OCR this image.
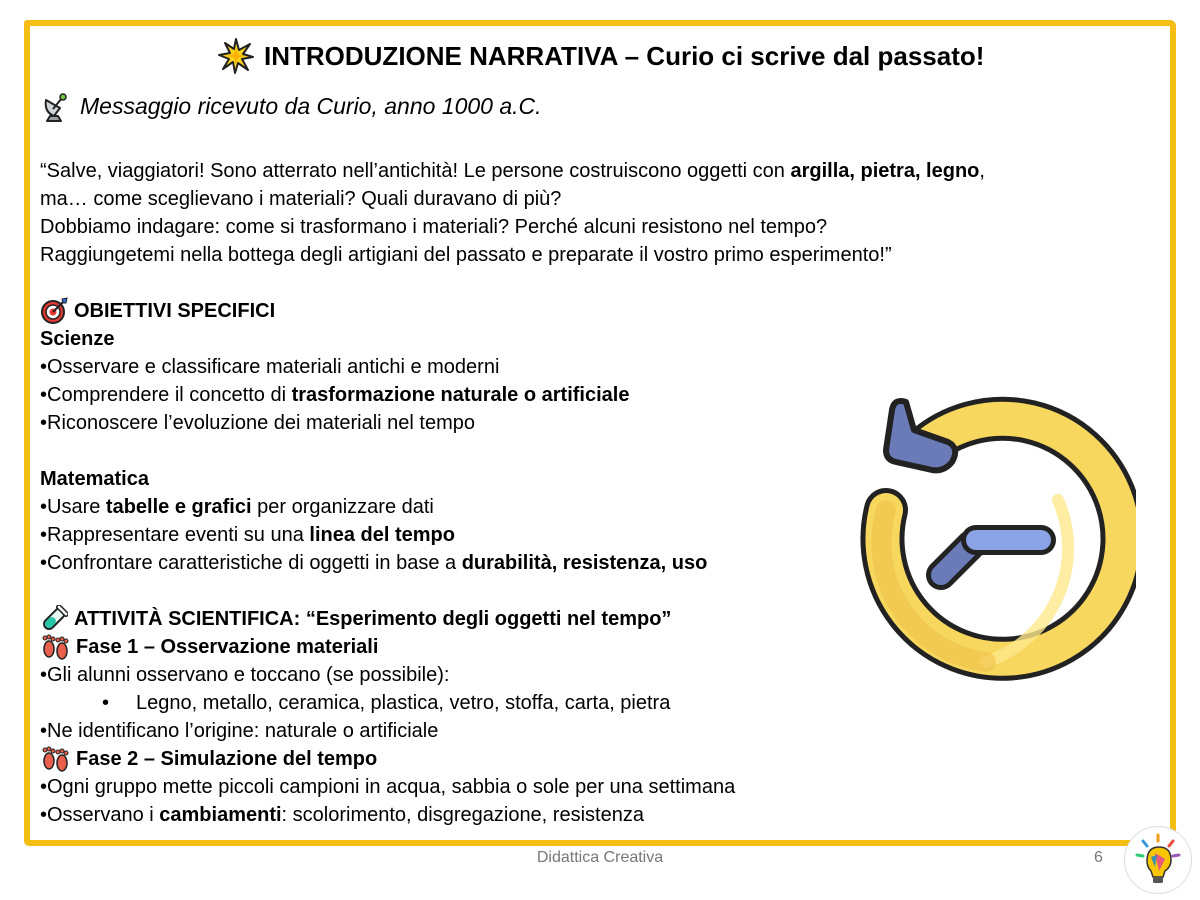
INTRODUZIONE NARRATIVA – Curio ci scrive dal passato!
Messaggio ricevuto da Curio, anno 1000 a.C.

“Salve, viaggiatori! Sono atterrato nell’antichità! Le persone costruiscono oggetti con argilla, pietra, legno,

ma… come sceglievano i materiali? Quali duravano di più?

Dobbiamo indagare: come si trasformano i materiali? Perché alcuni resistono nel tempo?

Raggiungetemi nella bottega degli artigiani del passato e preparate il vostro primo esperimento!”

OBIETTIVI SPECIFICI

Scienze

•Osservare e classificare materiali antichi e moderni

•Comprendere il concetto di trasformazione naturale o artificiale

•Riconoscere l’evoluzione dei materiali nel tempo

Matematica

•Usare tabelle e grafici per organizzare dati

•Rappresentare eventi su una linea del tempo

•Confrontare caratteristiche di oggetti in base a durabilità, resistenza, uso

ATTIVITÀ SCIENTIFICA: “Esperimento degli oggetti nel tempo”
Fase 1 – Osservazione materiali

•Gli alunni osservano e toccano (se possibile):

• Legno, metallo, ceramica, plastica, vetro, stoffa, carta, pietra

•Ne identificano l’origine: naturale o artificiale

Fase 2 – Simulazione del tempo

•Ogni gruppo mette piccoli campioni in acqua, sabbia o sole per una settimana

•Osservano i cambiamenti: scolorimento, disgregazione, resistenza

Didattica Creativa	6
